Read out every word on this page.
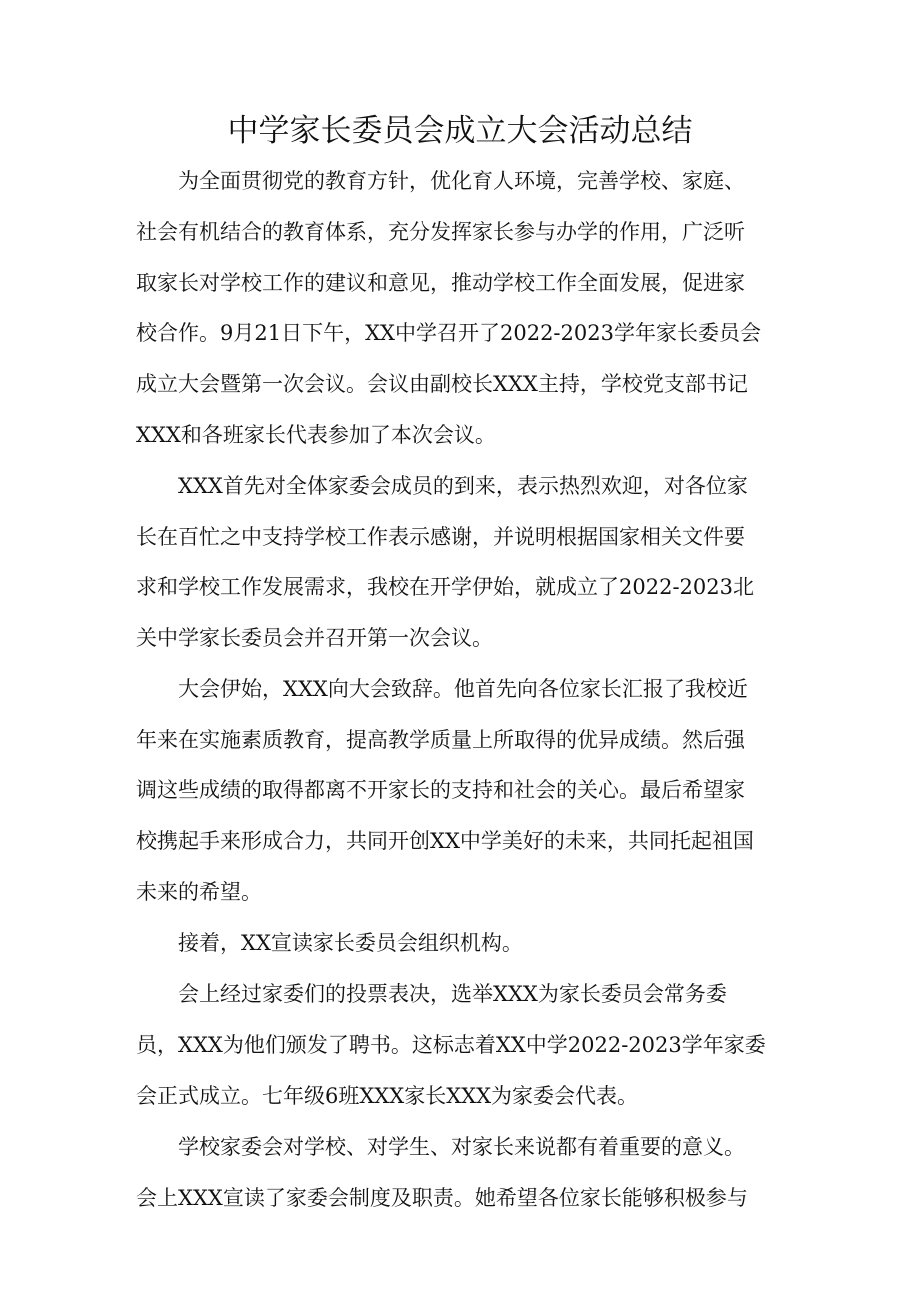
中学家长委员会成立大会活动总结
为全面贯彻党的教育方针，优化育人环境，完善学校、家庭、
社会有机结合的教育体系，充分发挥家长参与办学的作用，广泛听
取家长对学校工作的建议和意见，推动学校工作全面发展，促进家
校合作。9月21日下午，XX中学召开了2022-2023学年家长委员会
成立大会暨第一次会议。会议由副校长XXX主持，学校党支部书记
XXX和各班家长代表参加了本次会议。
XXX首先对全体家委会成员的到来，表示热烈欢迎，对各位家
长在百忙之中支持学校工作表示感谢，并说明根据国家相关文件要
求和学校工作发展需求，我校在开学伊始，就成立了2022-2023北
关中学家长委员会并召开第一次会议。
大会伊始，XXX向大会致辞。他首先向各位家长汇报了我校近
年来在实施素质教育，提高教学质量上所取得的优异成绩。然后强
调这些成绩的取得都离不开家长的支持和社会的关心。最后希望家
校携起手来形成合力，共同开创XX中学美好的未来，共同托起祖国
未来的希望。
接着，XX宣读家长委员会组织机构。
会上经过家委们的投票表决，选举XXX为家长委员会常务委
员，XXX为他们颁发了聘书。这标志着XX中学2022-2023学年家委
会正式成立。七年级6班XXX家长XXX为家委会代表。
学校家委会对学校、对学生、对家长来说都有着重要的意义。
会上XXX宣读了家委会制度及职责。她希望各位家长能够积极参与
